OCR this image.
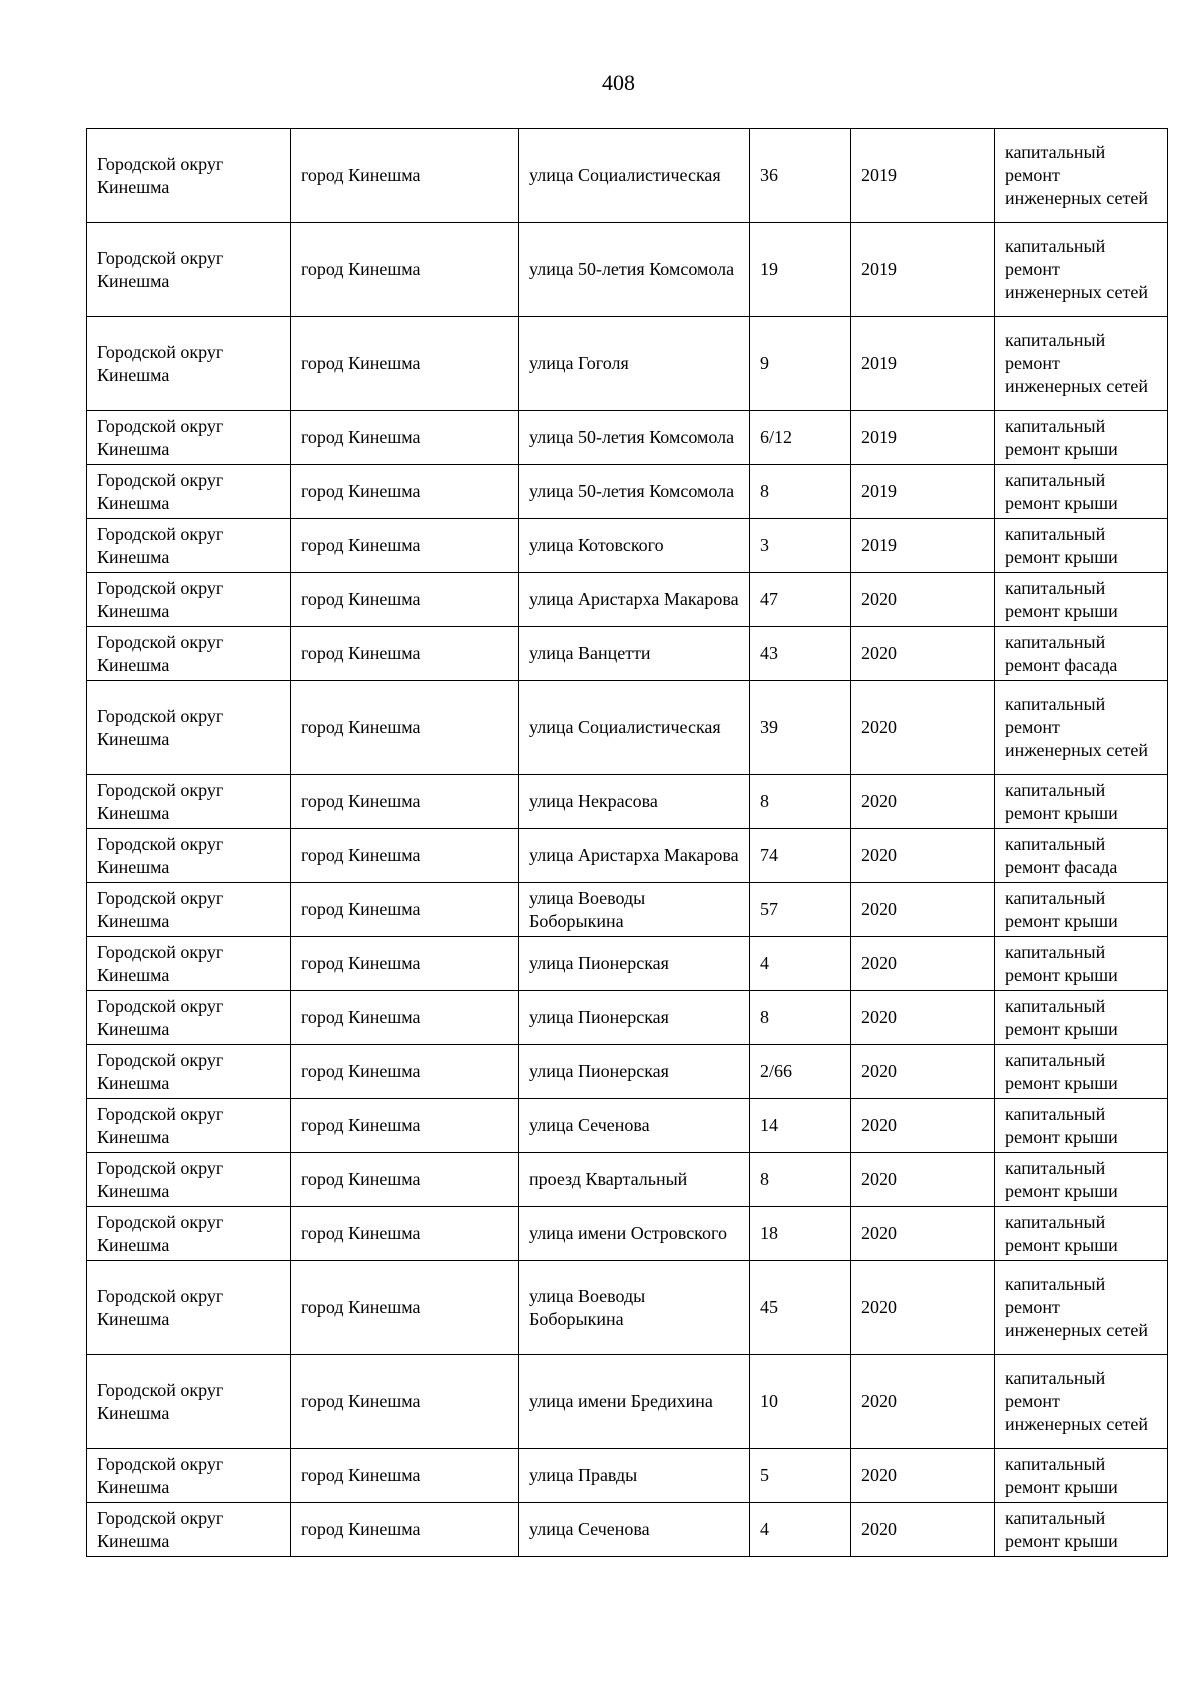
408
Городской округ Кинешма	город Кинешма	улица Социалистическая	36	2019	капитальный ремонт инженерных сетей
Городской округ Кинешма	город Кинешма	улица 50-летия Комсомола	19	2019	капитальный ремонт инженерных сетей
Городской округ Кинешма	город Кинешма	улица Гоголя	9	2019	капитальный ремонт инженерных сетей
Городской округ Кинешма	город Кинешма	улица 50-летия Комсомола	6/12	2019	капитальный ремонт крыши
Городской округ Кинешма	город Кинешма	улица 50-летия Комсомола	8	2019	капитальный ремонт крыши
Городской округ Кинешма	город Кинешма	улица Котовского	3	2019	капитальный ремонт крыши
Городской округ Кинешма	город Кинешма	улица Аристарха Макарова	47	2020	капитальный ремонт крыши
Городской округ Кинешма	город Кинешма	улица Ванцетти	43	2020	капитальный ремонт фасада
Городской округ Кинешма	город Кинешма	улица Социалистическая	39	2020	капитальный ремонт инженерных сетей
Городской округ Кинешма	город Кинешма	улица Некрасова	8	2020	капитальный ремонт крыши
Городской округ Кинешма	город Кинешма	улица Аристарха Макарова	74	2020	капитальный ремонт фасада
Городской округ Кинешма	город Кинешма	улица Воеводы Боборыкина	57	2020	капитальный ремонт крыши
Городской округ Кинешма	город Кинешма	улица Пионерская	4	2020	капитальный ремонт крыши
Городской округ Кинешма	город Кинешма	улица Пионерская	8	2020	капитальный ремонт крыши
Городской округ Кинешма	город Кинешма	улица Пионерская	2/66	2020	капитальный ремонт крыши
Городской округ Кинешма	город Кинешма	улица Сеченова	14	2020	капитальный ремонт крыши
Городской округ Кинешма	город Кинешма	проезд Квартальный	8	2020	капитальный ремонт крыши
Городской округ Кинешма	город Кинешма	улица имени Островского	18	2020	капитальный ремонт крыши
Городской округ Кинешма	город Кинешма	улица Воеводы Боборыкина	45	2020	капитальный ремонт инженерных сетей
Городской округ Кинешма	город Кинешма	улица имени Бредихина	10	2020	капитальный ремонт инженерных сетей
Городской округ Кинешма	город Кинешма	улица Правды	5	2020	капитальный ремонт крыши
Городской округ Кинешма	город Кинешма	улица Сеченова	4	2020	капитальный ремонт крыши
